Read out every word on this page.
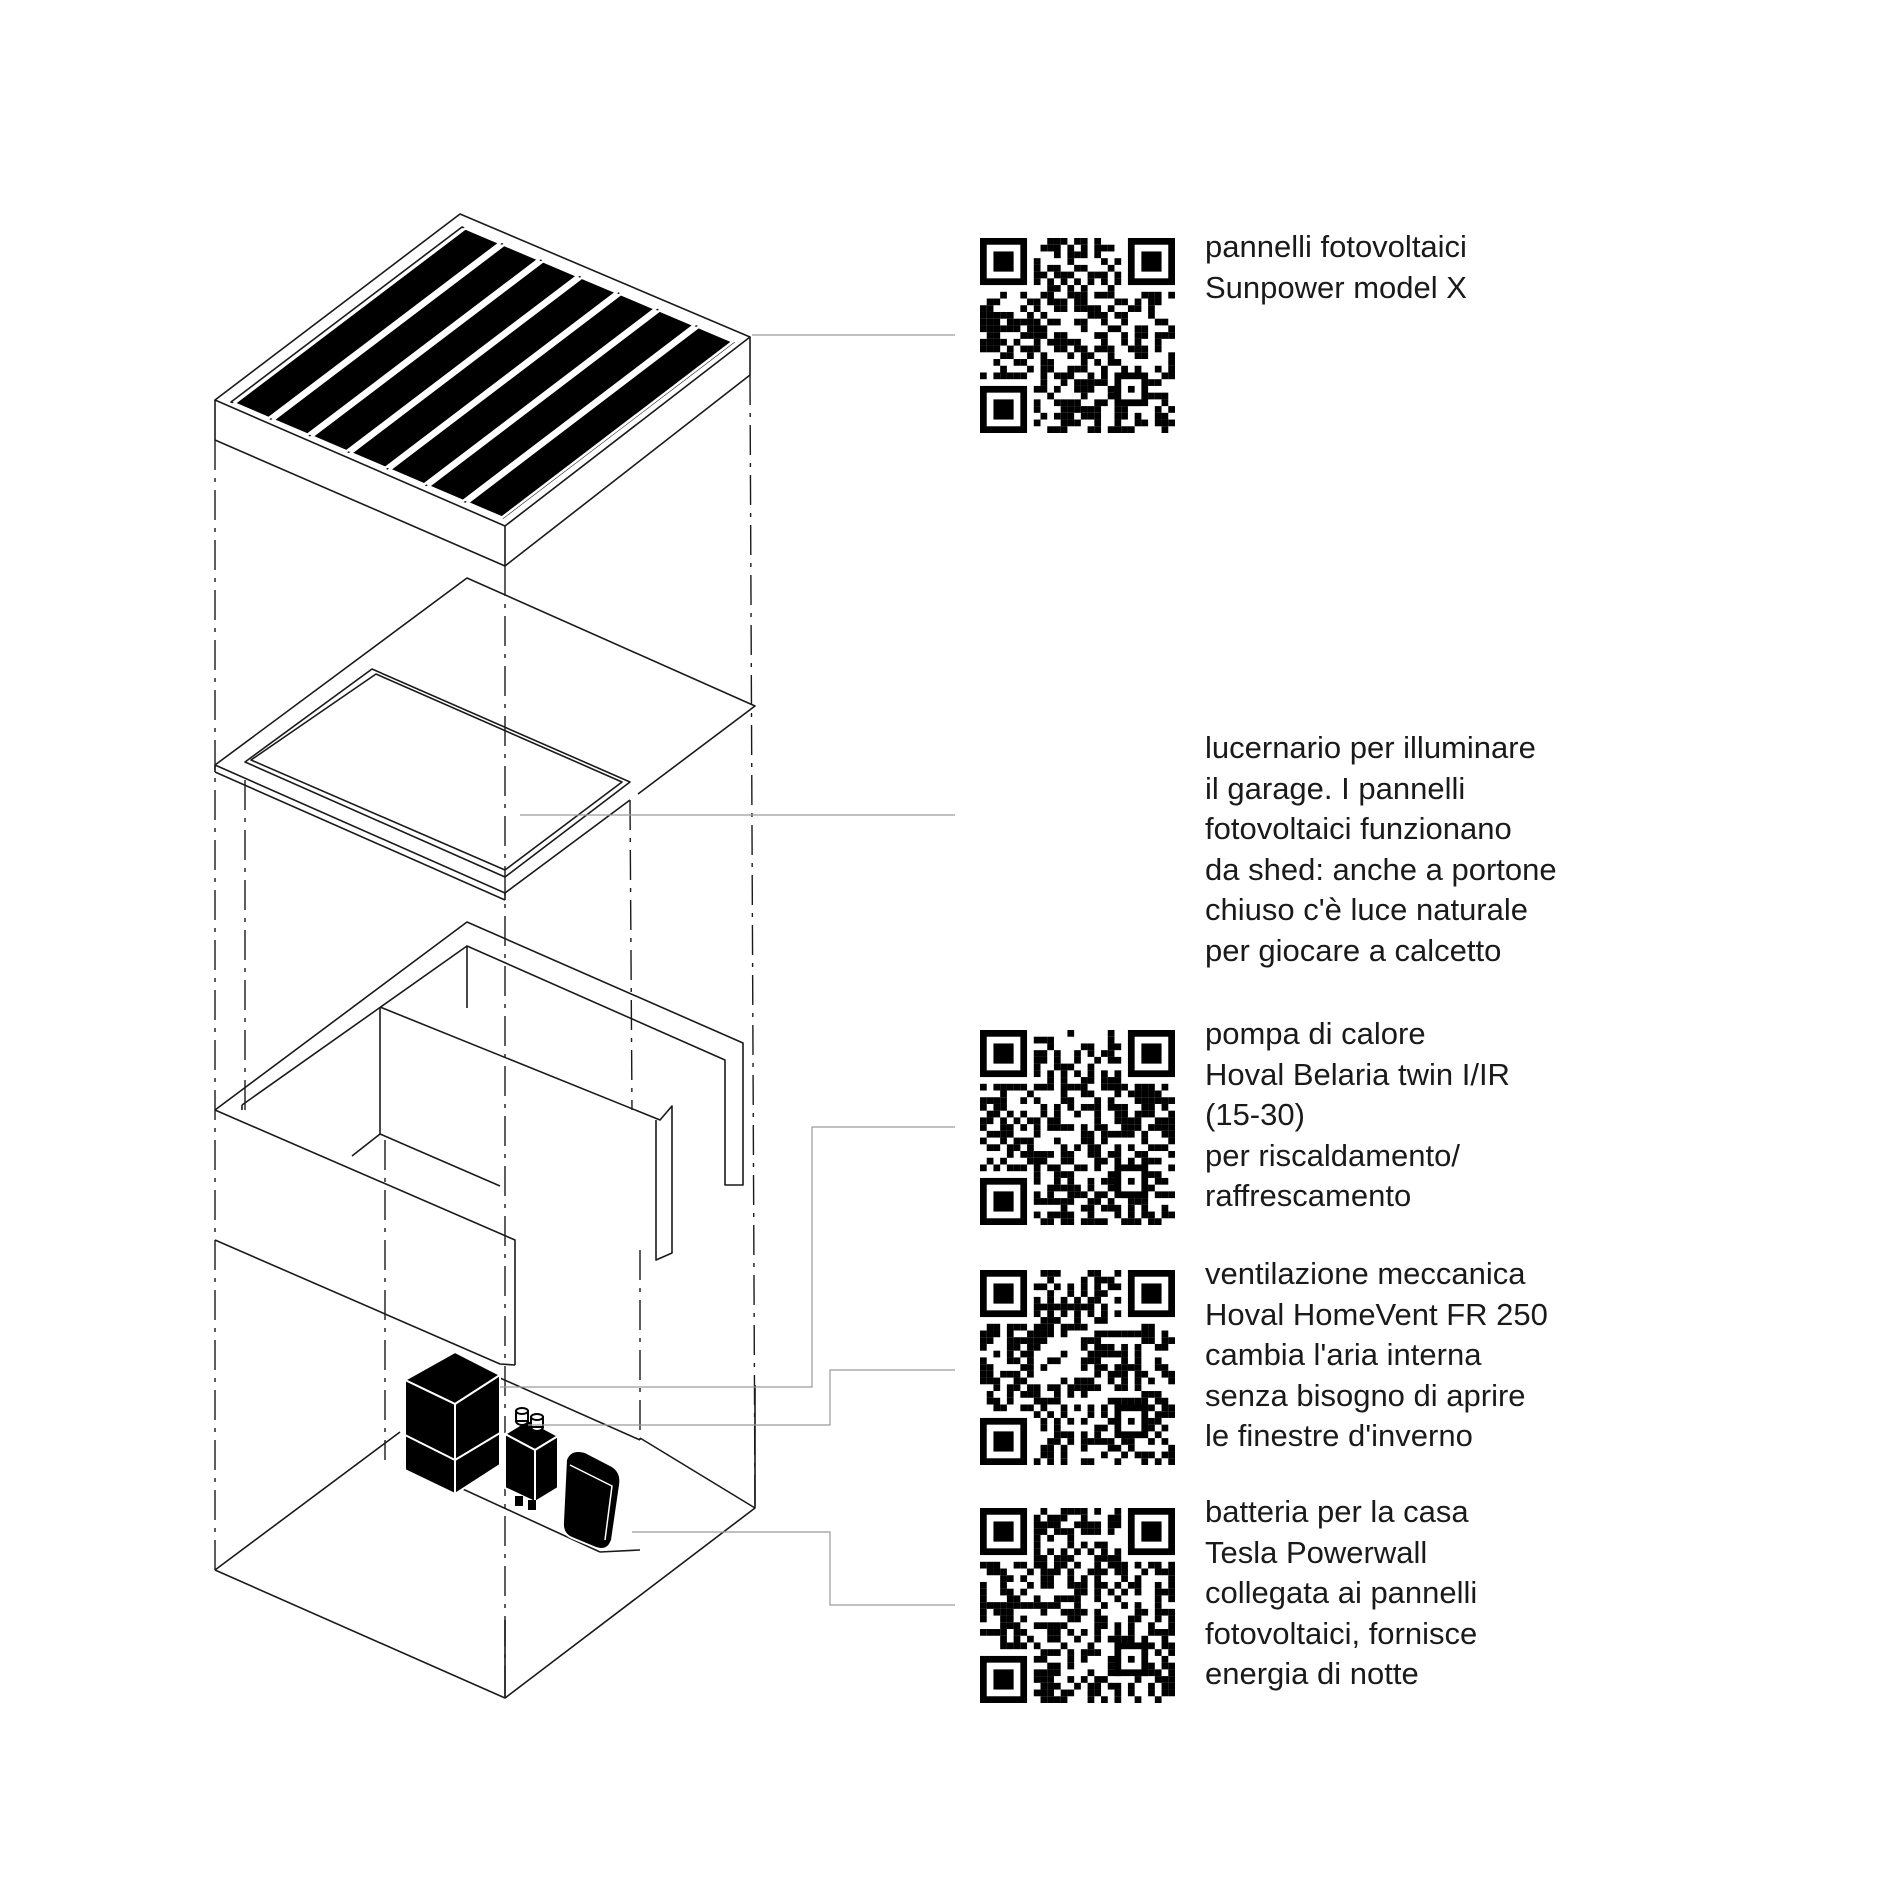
pannelli fotovoltaici
Sunpower model X
lucernario per illuminare
il garage. I pannelli
fotovoltaici funzionano
da shed: anche a portone
chiuso c'è luce naturale
per giocare a calcetto
pompa di calore
Hoval Belaria twin I/IR
(15-30)
per riscaldamento/
raffrescamento
ventilazione meccanica
Hoval HomeVent FR 250
cambia l'aria interna
senza bisogno di aprire
le finestre d'inverno
batteria per la casa
Tesla Powerwall
collegata ai pannelli
fotovoltaici, fornisce
energia di notte
